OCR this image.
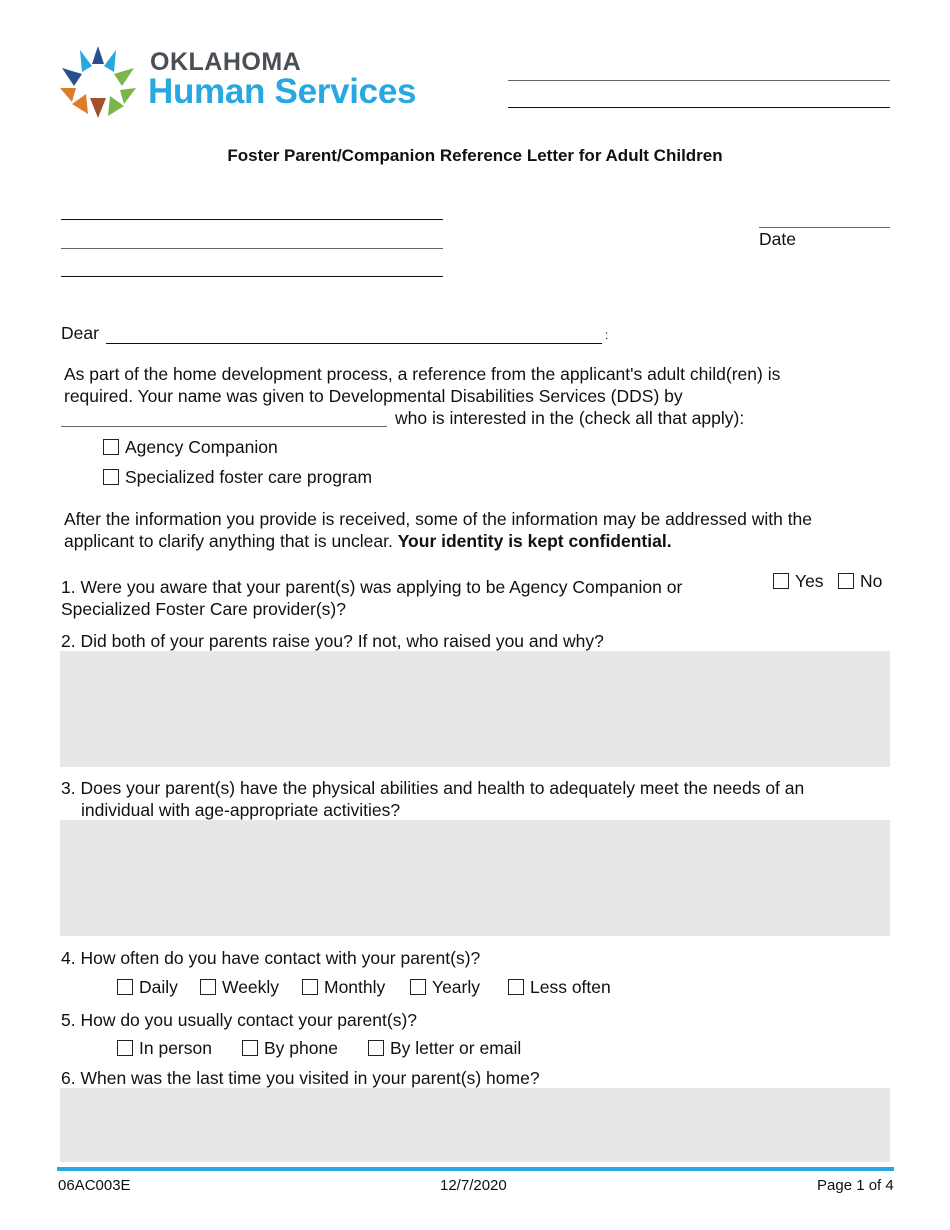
OKLAHOMA
Human Services
Foster Parent/Companion Reference Letter for Adult Children
Date
Dear	:
As part of the home development process, a reference from the applicant's adult child(ren) is
required. Your name was given to Developmental Disabilities Services (DDS) by
who is interested in the (check all that apply):
Agency Companion
Specialized foster care program
After the information you provide is received, some of the information may be addressed with the
applicant to clarify anything that is unclear. Your identity is kept confidential.
1. Were you aware that your parent(s) was applying to be Agency Companion or
Specialized Foster Care provider(s)?
Yes	No
2. Did both of your parents raise you? If not, who raised you and why?
3. Does your parent(s) have the physical abilities and health to adequately meet the needs of an
individual with age-appropriate activities?
4. How often do you have contact with your parent(s)?
Daily	Weekly	Monthly	Yearly	Less often
5. How do you usually contact your parent(s)?
In person	By phone	By letter or email
6. When was the last time you visited in your parent(s) home?
06AC003E	12/7/2020	Page 1 of 4
